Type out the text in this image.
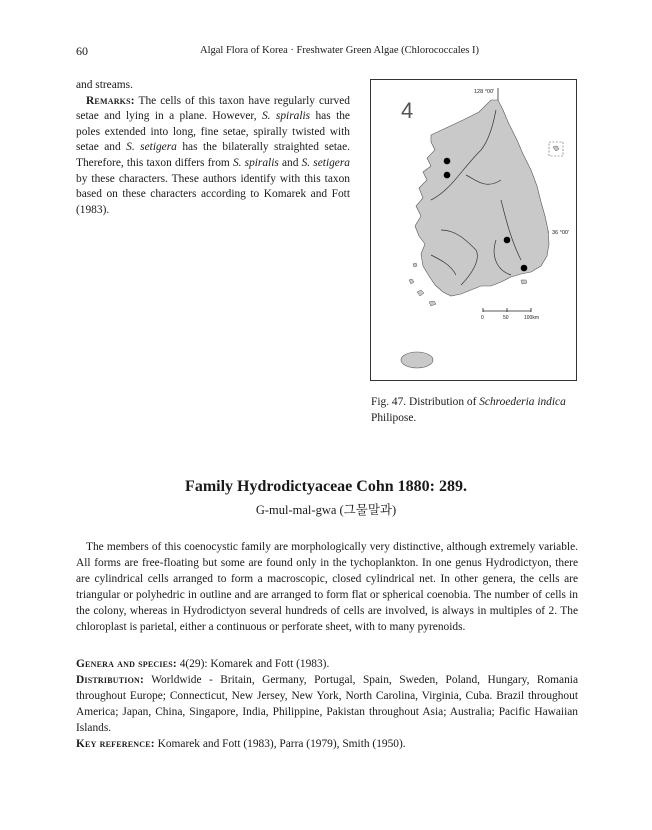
60	Algal Flora of Korea · Freshwater Green Algae (Chlorococcales I)

and streams.

Remarks: The cells of this taxon have regularly curved setae and lying in a plane. However, S. spiralis has the poles extended into long, fine setae, spirally twisted with setae and S. setigera has the bilaterally straighted setae. Therefore, this taxon differs from S. spiralis and S. setigera by these characters. These authors identify with this taxon based on these characters according to Komarek and Fott (1983).

4
128 °00'
36 °00'
0	50	100km
Fig. 47. Distribution of Schroederia indica Philipose.
Family Hydrodictyaceae Cohn 1880: 289.
G-mul-mal-gwa (그물말과)

The members of this coenocystic family are morphologically very distinctive, although extremely variable. All forms are free-floating but some are found only in the tychoplankton. In one genus Hydrodictyon, there are cylindrical cells arranged to form a macroscopic, closed cylindrical net. In other genera, the cells are triangular or polyhedric in outline and are arranged to form flat or spherical coenobia. The number of cells in the colony, whereas in Hydrodictyon several hundreds of cells are involved, is always in multiples of 2. The chloroplast is parietal, either a continuous or perforate sheet, with to many pyrenoids.

Genera and species: 4(29): Komarek and Fott (1983).

Distribution: Worldwide - Britain, Germany, Portugal, Spain, Sweden, Poland, Hungary, Romania throughout Europe; Connecticut, New Jersey, New York, North Carolina, Virginia, Cuba. Brazil throughout America; Japan, China, Singapore, India, Philippine, Pakistan throughout Asia; Australia; Pacific Hawaiian Islands.

Key reference: Komarek and Fott (1983), Parra (1979), Smith (1950).
